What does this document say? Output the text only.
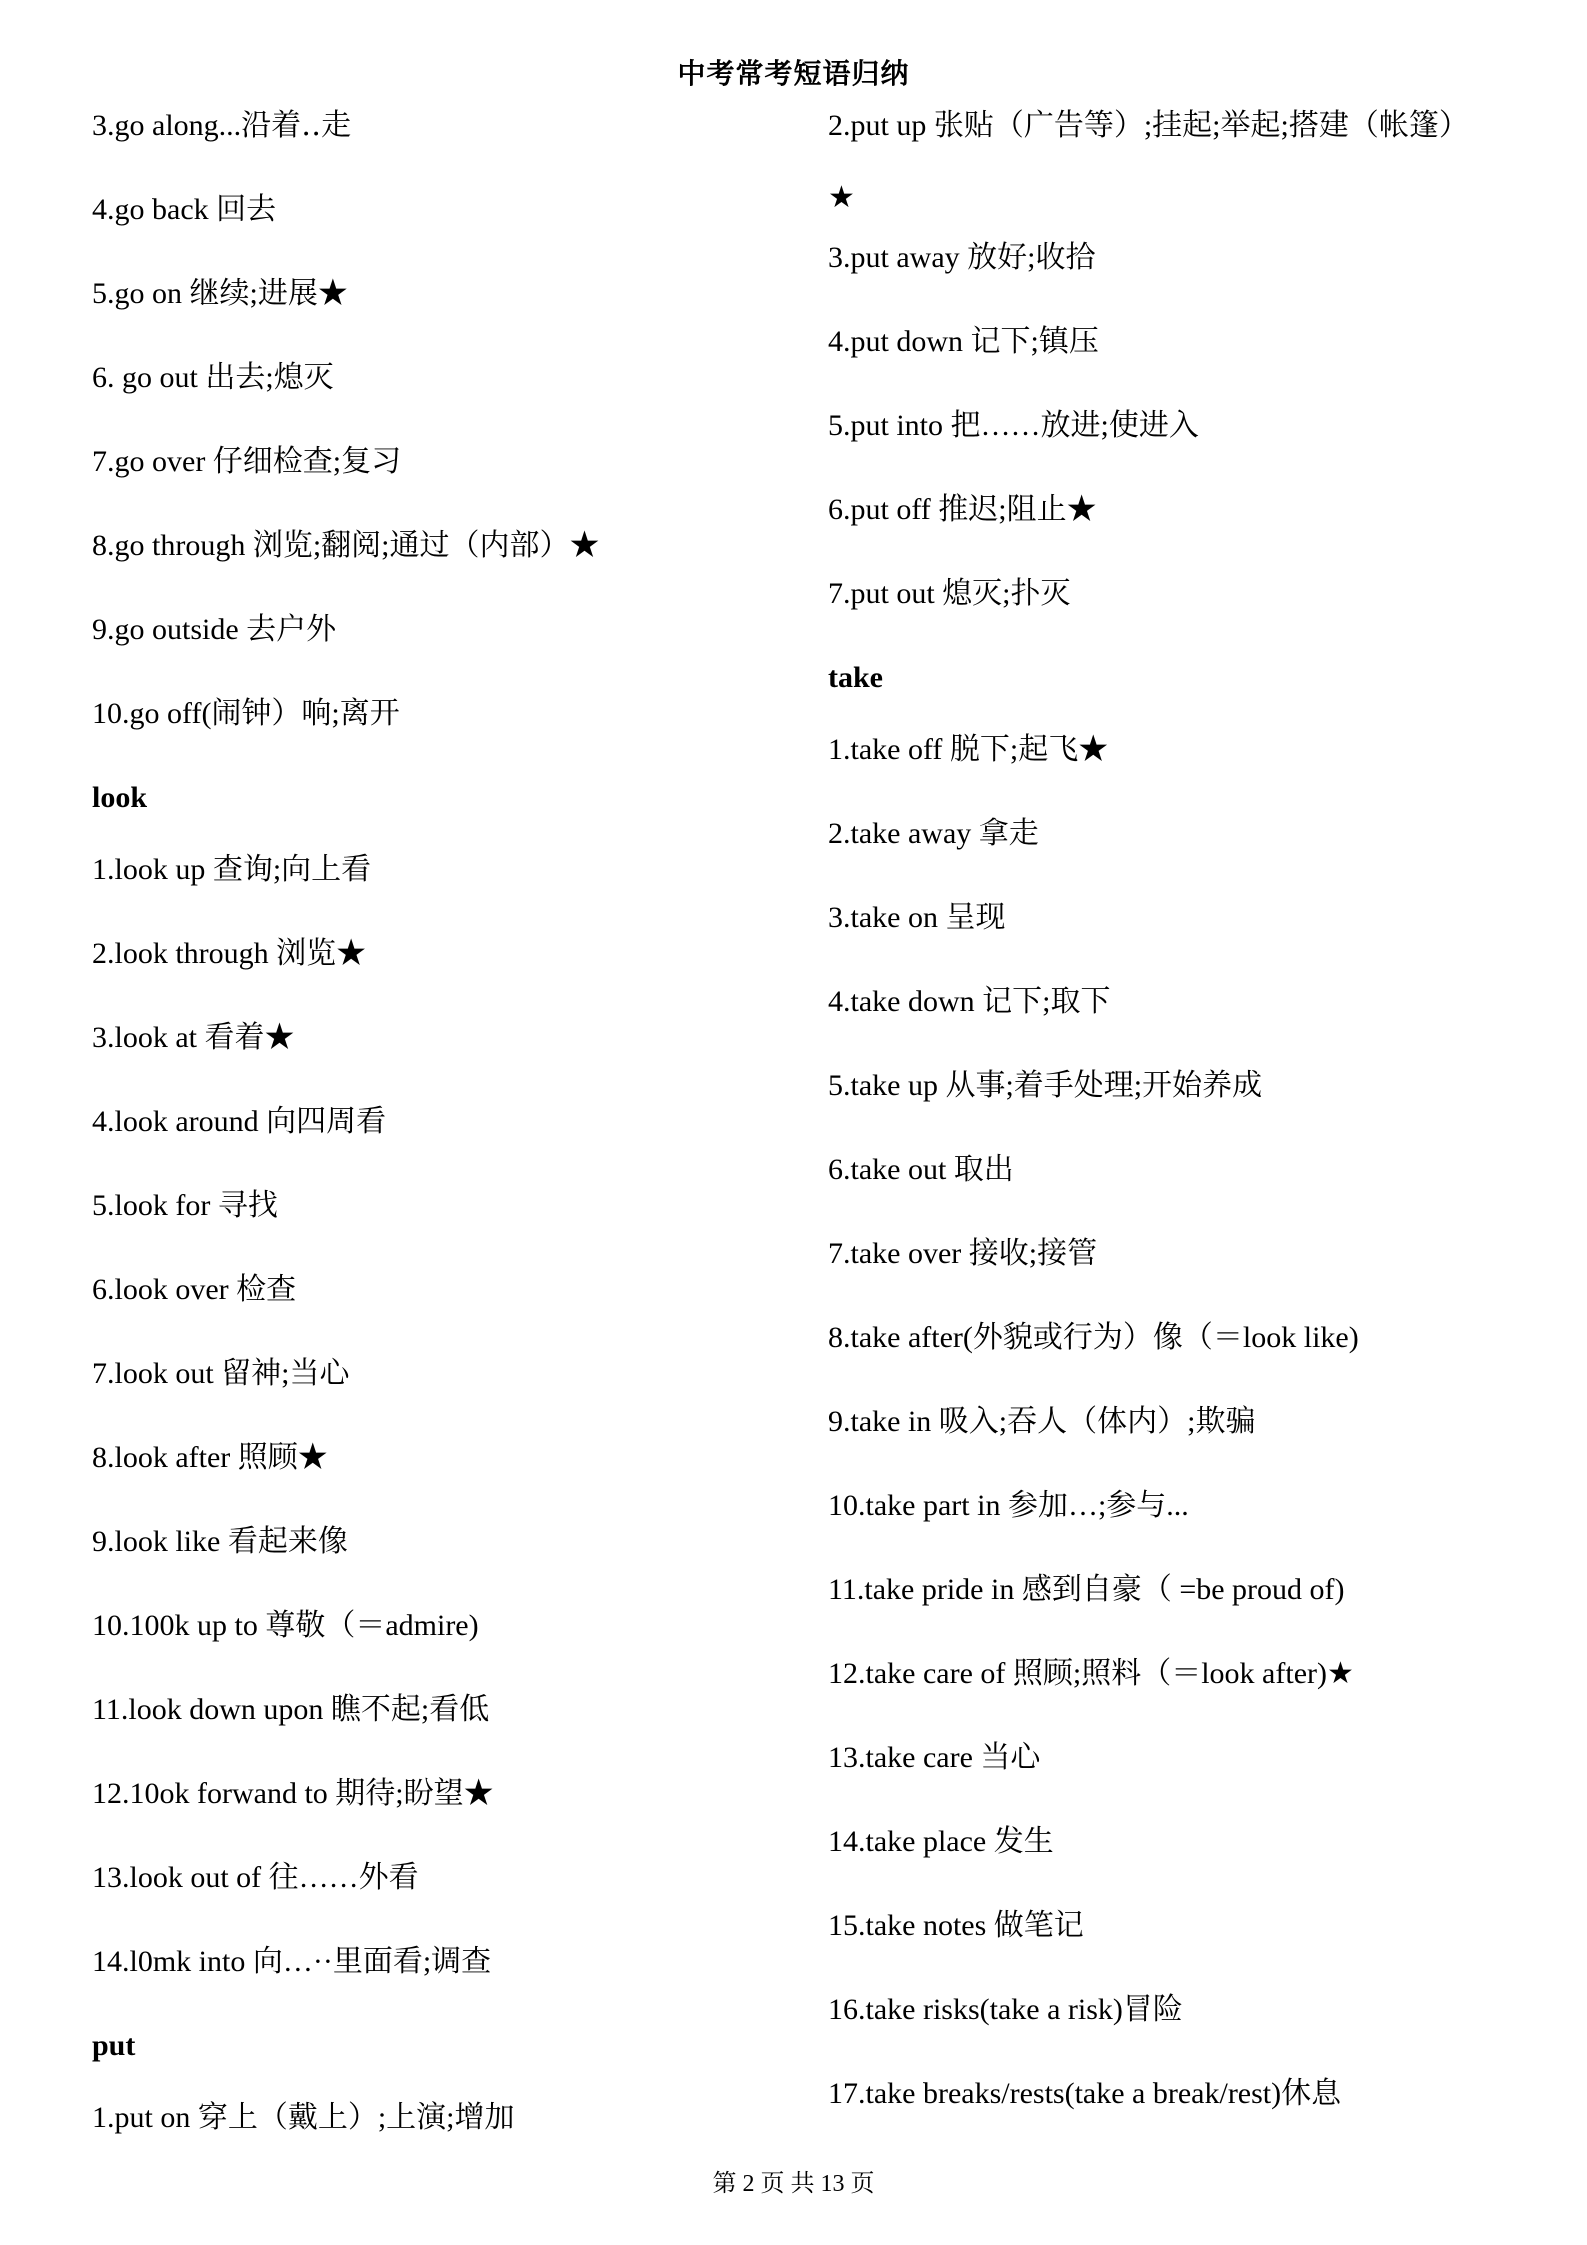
中考常考短语归纳
3.go along...沿着‥走
4.go back 回去
5.go on 继续;进展★
6. go out 出去;熄灭
7.go over 仔细检查;复习
8.go through 浏览;翻阅;通过（内部）★
9.go outside 去户外
10.go off(闹钟）响;离开
look
1.look up 查询;向上看
2.look through 浏览★
3.look at 看着★
4.look around 向四周看
5.look for 寻找
6.look over 检查
7.look out 留神;当心
8.look after 照顾★
9.look like 看起来像
10.100k up to 尊敬（＝admire)
11.look down upon 瞧不起;看低
12.10ok forwand to 期待;盼望★
13.look out of 往……外看
14.l0mk into 向…··里面看;调查
put
1.put on 穿上（戴上）;上演;增加
2.put up 张贴（广告等）;挂起;举起;搭建（帐篷）
★
3.put away 放好;收拾
4.put down 记下;镇压
5.put into 把……放进;使进入
6.put off 推迟;阻止★
7.put out 熄灭;扑灭
take
1.take off 脱下;起飞★
2.take away 拿走
3.take on 呈现
4.take down 记下;取下
5.take up 从事;着手处理;开始养成
6.take out 取出
7.take over 接收;接管
8.take after(外貌或行为）像（＝look like)
9.take in 吸入;吞人（体内）;欺骗
10.take part in 参加…;参与...
11.take pride in 感到自豪（ =be proud of)
12.take care of 照顾;照料（＝look after)★
13.take care 当心
14.take place 发生
15.take notes 做笔记
16.take risks(take a risk)冒险
17.take breaks/rests(take a break/rest)休息
第 2 页 共 13 页
